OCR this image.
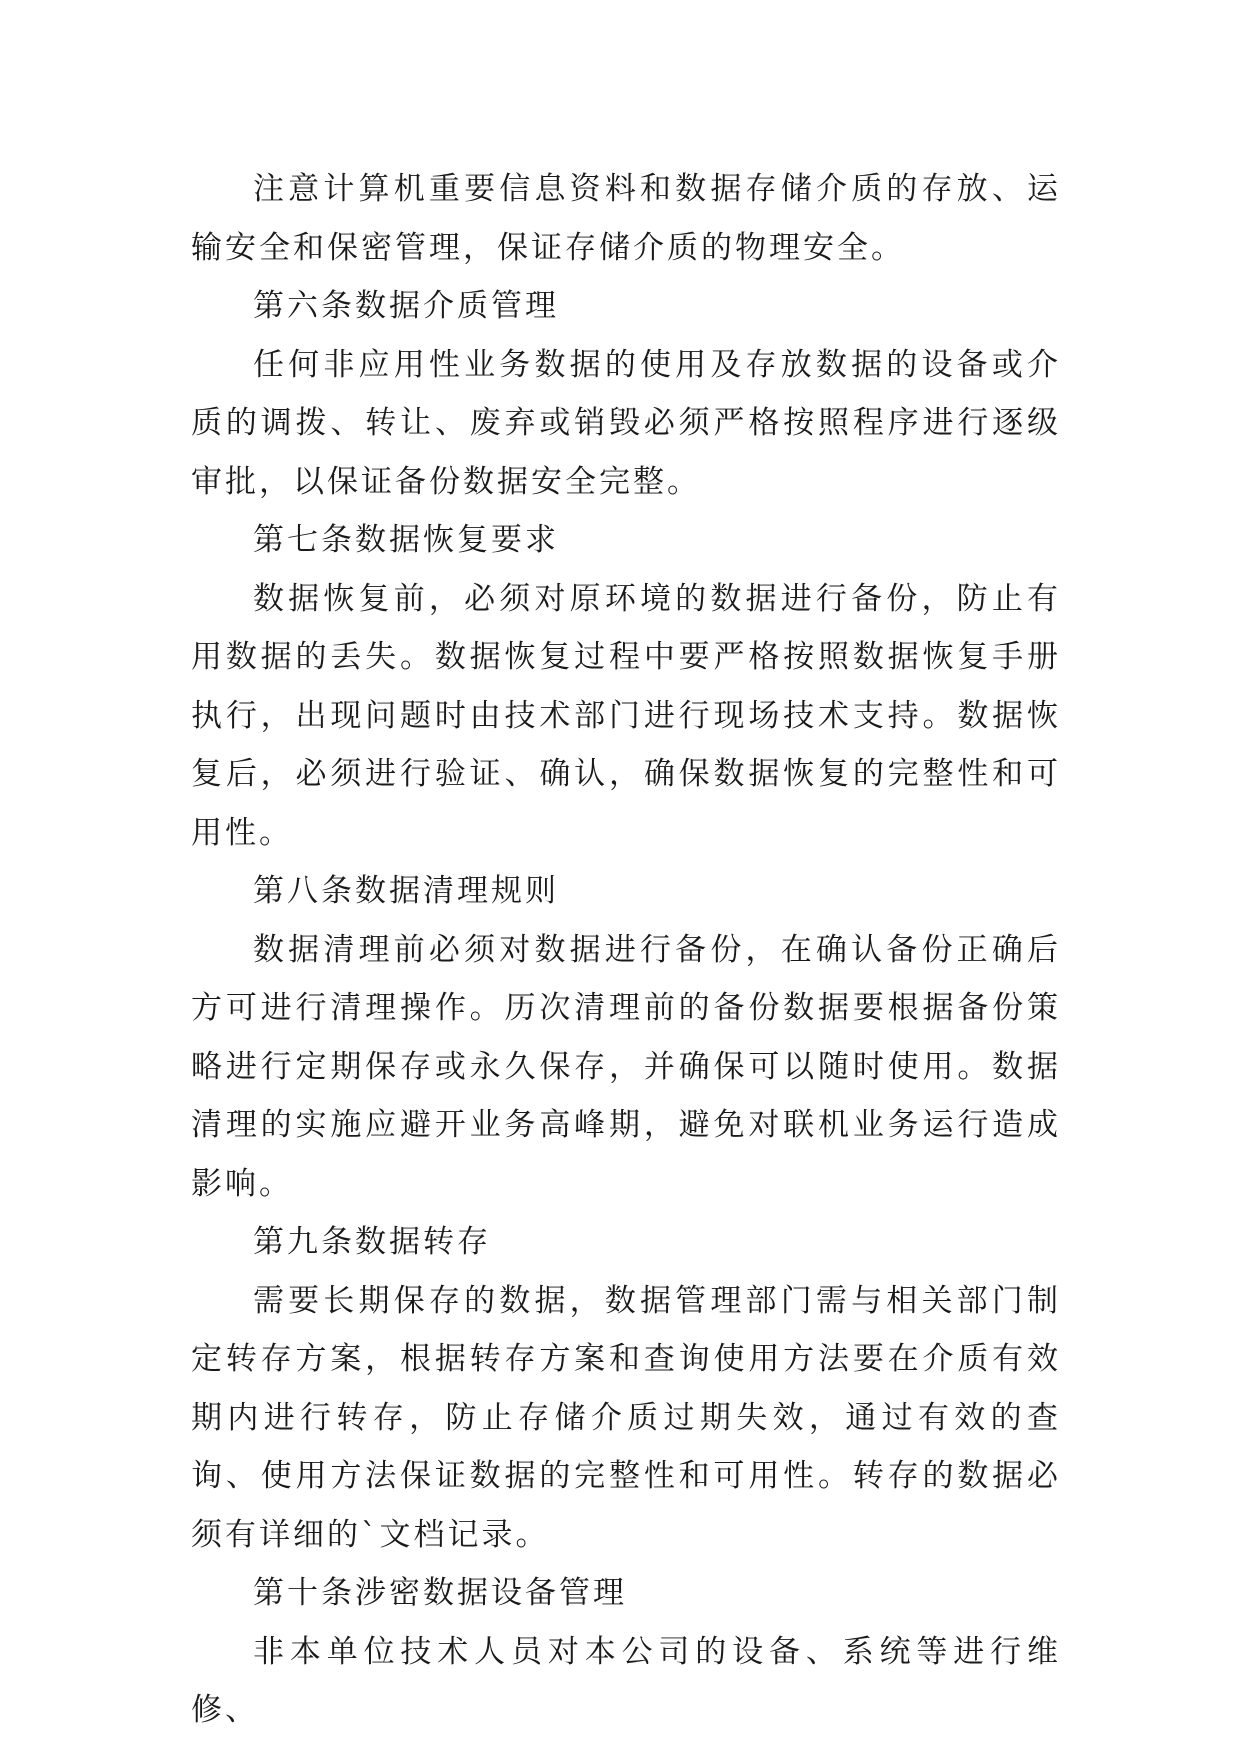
注意计算机重要信息资料和数据存储介质的存放、运输安全和保密管理，保证存储介质的物理安全。

第六条数据介质管理

任何非应用性业务数据的使用及存放数据的设备或介质的调拨、转让、废弃或销毁必须严格按照程序进行逐级审批，以保证备份数据安全完整。

第七条数据恢复要求

数据恢复前，必须对原环境的数据进行备份，防止有用数据的丢失。数据恢复过程中要严格按照数据恢复手册执行，出现问题时由技术部门进行现场技术支持。数据恢复后，必须进行验证、确认，确保数据恢复的完整性和可用性。

第八条数据清理规则

数据清理前必须对数据进行备份，在确认备份正确后方可进行清理操作。历次清理前的备份数据要根据备份策略进行定期保存或永久保存，并确保可以随时使用。数据清理的实施应避开业务高峰期，避免对联机业务运行造成影响。

第九条数据转存

需要长期保存的数据，数据管理部门需与相关部门制定转存方案，根据转存方案和查询使用方法要在介质有效期内进行转存，防止存储介质过期失效，通过有效的查询、使用方法保证数据的完整性和可用性。转存的数据必须有详细的`文档记录。

第十条涉密数据设备管理

非本单位技术人员对本公司的设备、系统等进行维修、
